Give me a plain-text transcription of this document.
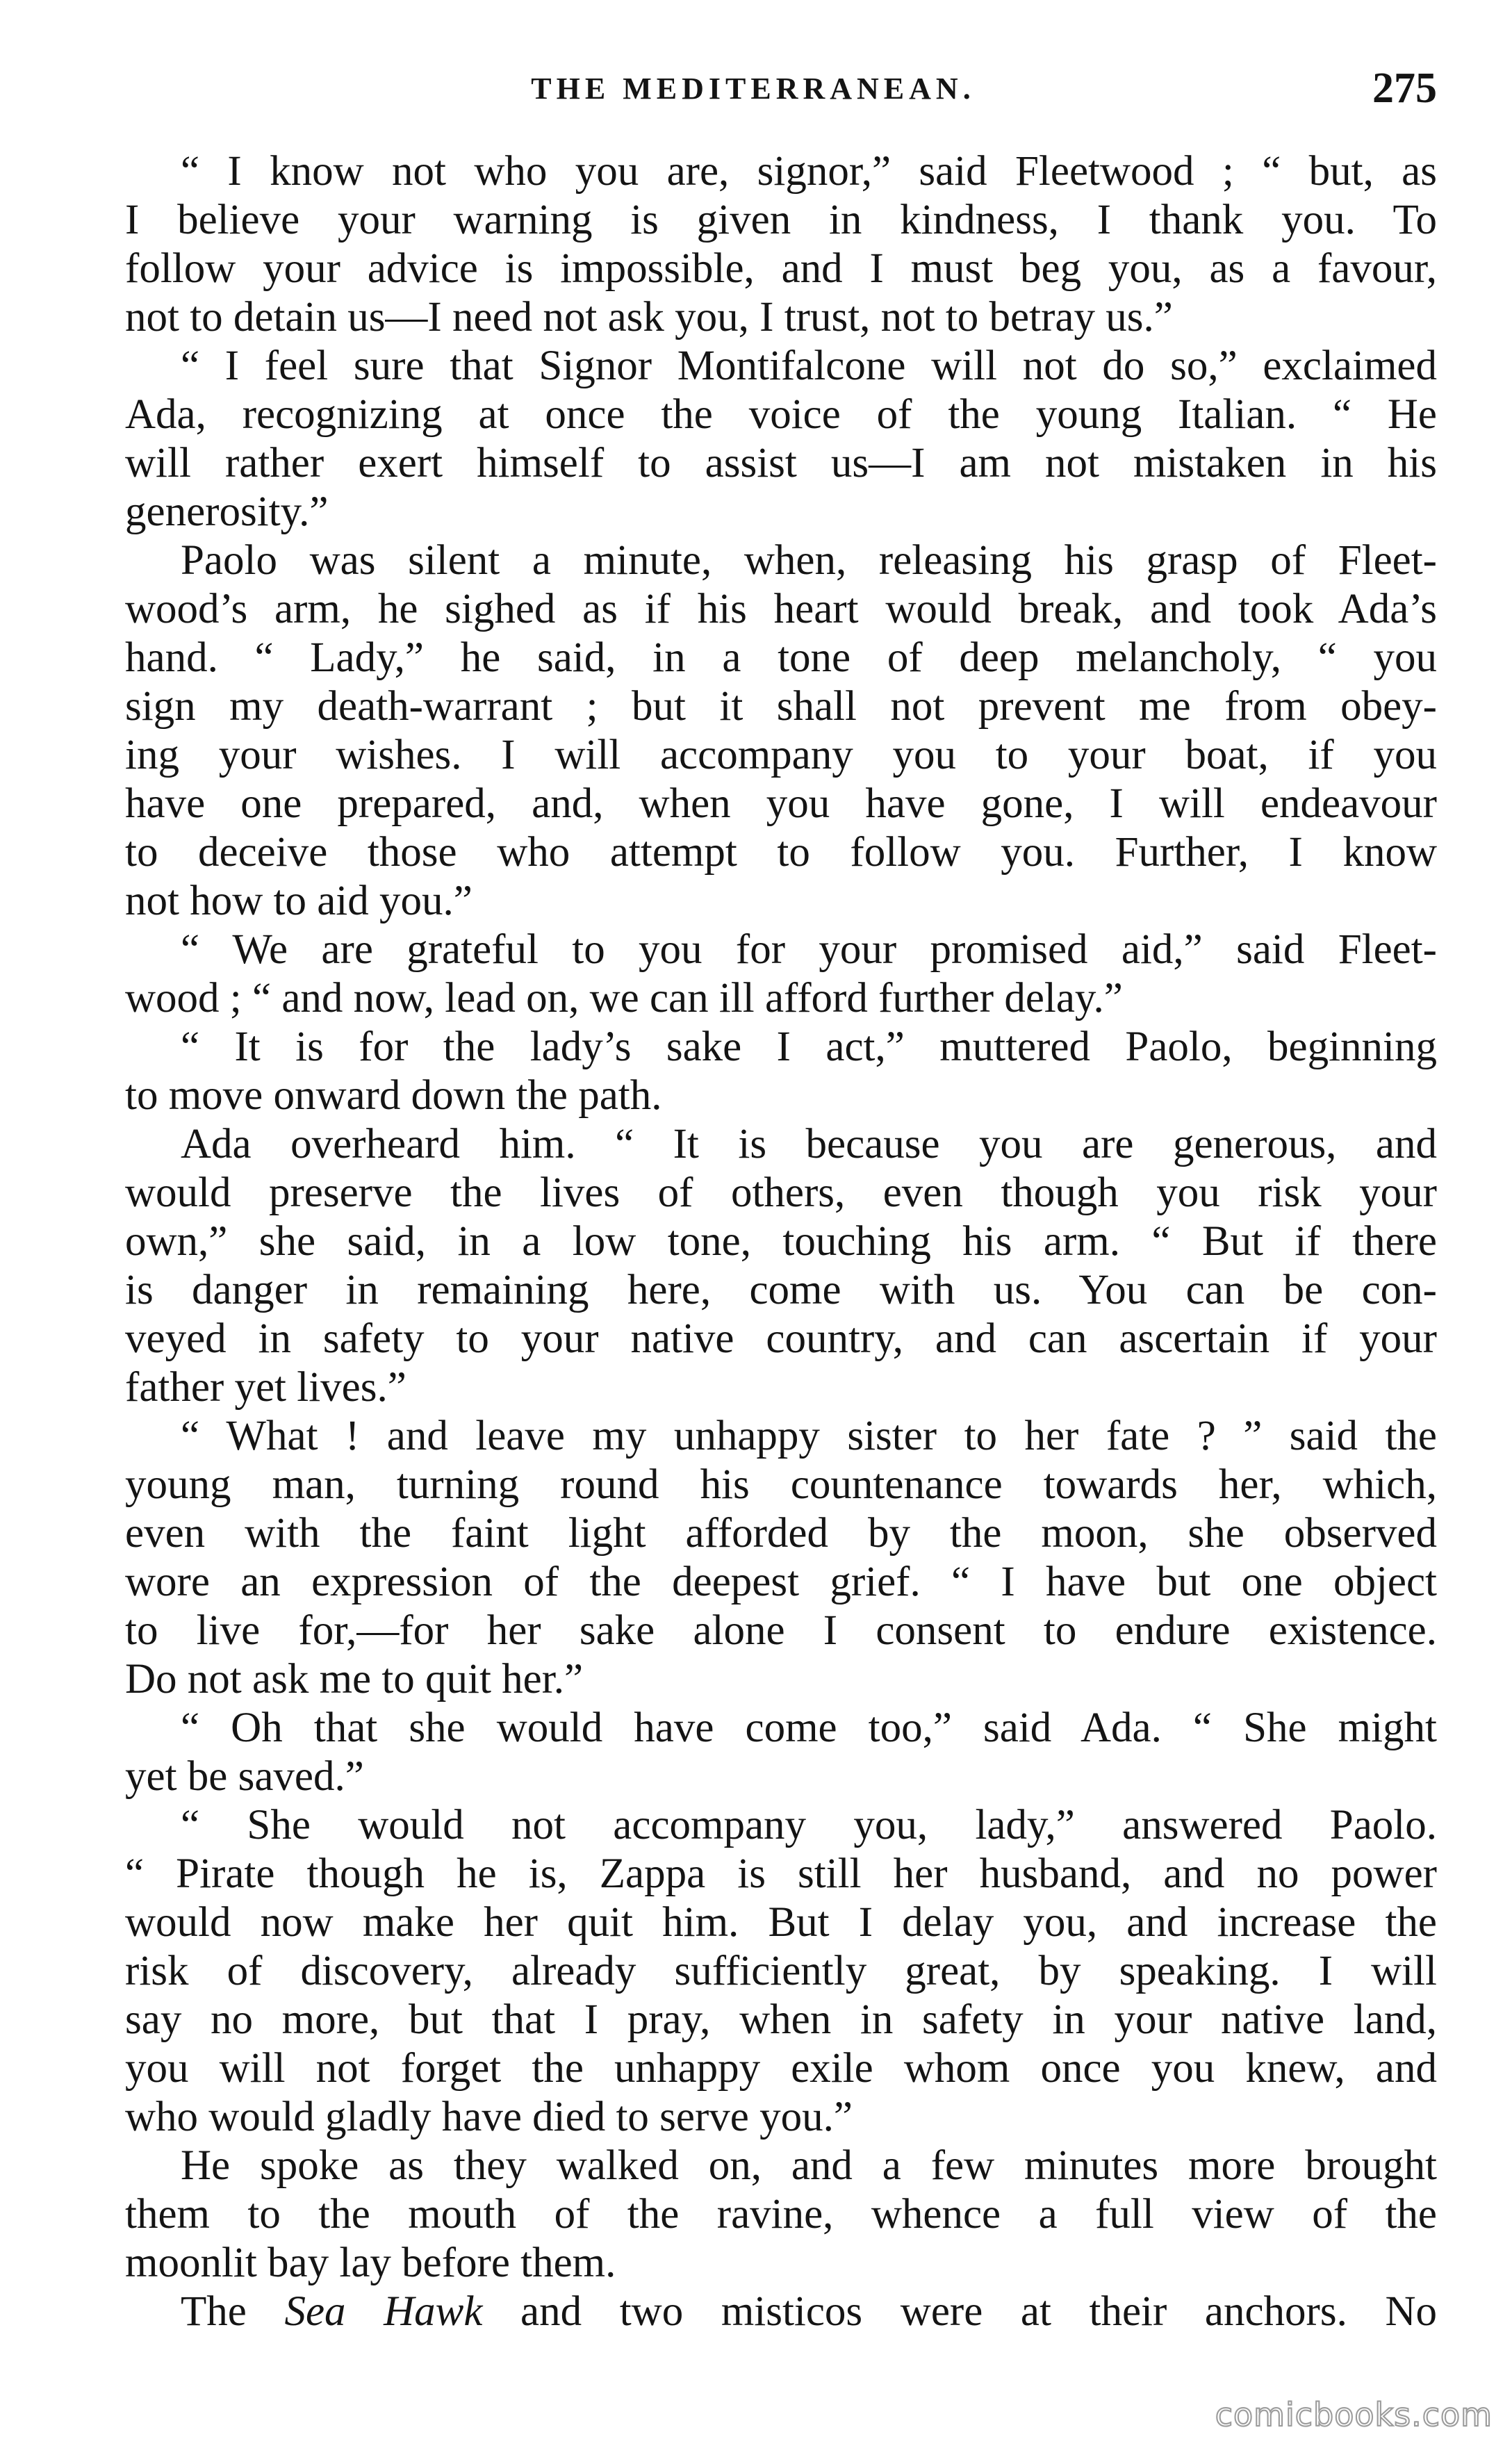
THE MEDITERRANEAN.	275

“ I know not who you are, signor,” said Fleetwood ; “ but, as
I believe your warning is given in kindness, I thank you. To
follow your advice is impossible, and I must beg you, as a favour,
not to detain us—I need not ask you, I trust, not to betray us.”

“ I feel sure that Signor Montifalcone will not do so,” exclaimed
Ada, recognizing at once the voice of the young Italian. “ He
will rather exert himself to assist us—I am not mistaken in his
generosity.”

Paolo was silent a minute, when, releasing his grasp of Fleet-
wood’s arm, he sighed as if his heart would break, and took Ada’s
hand. “ Lady,” he said, in a tone of deep melancholy, “ you
sign my death-warrant ; but it shall not prevent me from obey-
ing your wishes. I will accompany you to your boat, if you
have one prepared, and, when you have gone, I will endeavour
to deceive those who attempt to follow you. Further, I know
not how to aid you.”

“ We are grateful to you for your promised aid,” said Fleet-
wood ; “ and now, lead on, we can ill afford further delay.”

“ It is for the lady’s sake I act,” muttered Paolo, beginning
to move onward down the path.

Ada overheard him. “ It is because you are generous, and
would preserve the lives of others, even though you risk your
own,” she said, in a low tone, touching his arm. “ But if there
is danger in remaining here, come with us. You can be con-
veyed in safety to your native country, and can ascertain if your
father yet lives.”

“ What ! and leave my unhappy sister to her fate ? ” said the
young man, turning round his countenance towards her, which,
even with the faint light afforded by the moon, she observed
wore an expression of the deepest grief. “ I have but one object
to live for,—for her sake alone I consent to endure existence.
Do not ask me to quit her.”

“ Oh that she would have come too,” said Ada. “ She might
yet be saved.”

“ She would not accompany you, lady,” answered Paolo.
“ Pirate though he is, Zappa is still her husband, and no power
would now make her quit him. But I delay you, and increase the
risk of discovery, already sufficiently great, by speaking. I will
say no more, but that I pray, when in safety in your native land,
you will not forget the unhappy exile whom once you knew, and
who would gladly have died to serve you.”

He spoke as they walked on, and a few minutes more brought
them to the mouth of the ravine, whence a full view of the
moonlit bay lay before them.

The Sea Hawk and two misticos were at their anchors. No

comicbooks.com
